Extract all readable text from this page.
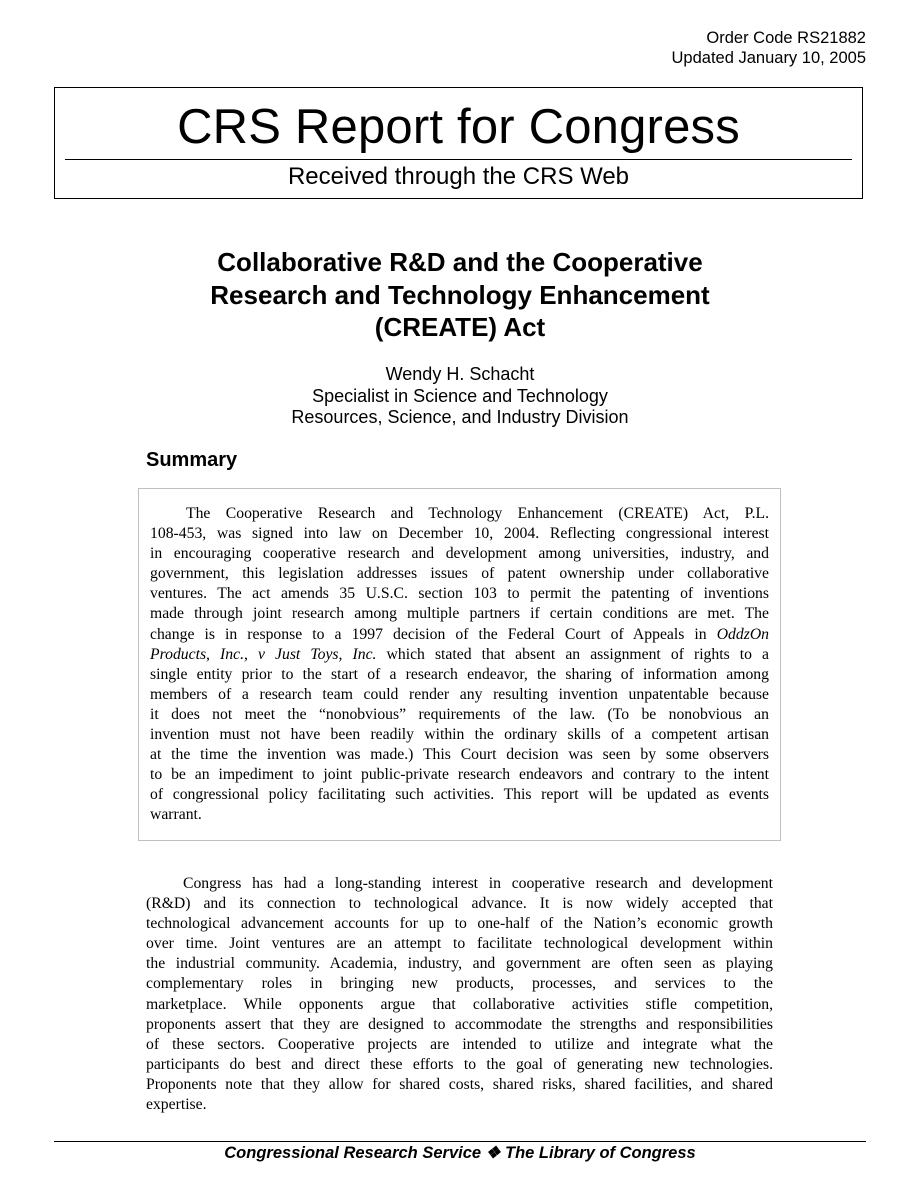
Order Code RS21882
Updated January 10, 2005
CRS Report for Congress
Received through the CRS Web
Collaborative R&D and the Cooperative
Research and Technology Enhancement
(CREATE) Act
Wendy H. Schacht
Specialist in Science and Technology
Resources, Science, and Industry Division
Summary
The Cooperative Research and Technology Enhancement (CREATE) Act, P.L.
108-453, was signed into law on December 10, 2004. Reflecting congressional interest
in encouraging cooperative research and development among universities, industry, and
government, this legislation addresses issues of patent ownership under collaborative
ventures. The act amends 35 U.S.C. section 103 to permit the patenting of inventions
made through joint research among multiple partners if certain conditions are met. The
change is in response to a 1997 decision of the Federal Court of Appeals in OddzOn
Products, Inc., v Just Toys, Inc. which stated that absent an assignment of rights to a
single entity prior to the start of a research endeavor, the sharing of information among
members of a research team could render any resulting invention unpatentable because
it does not meet the “nonobvious” requirements of the law. (To be nonobvious an
invention must not have been readily within the ordinary skills of a competent artisan
at the time the invention was made.) This Court decision was seen by some observers
to be an impediment to joint public-private research endeavors and contrary to the intent
of congressional policy facilitating such activities. This report will be updated as events
warrant.
Congress has had a long-standing interest in cooperative research and development
(R&D) and its connection to technological advance. It is now widely accepted that
technological advancement accounts for up to one-half of the Nation’s economic growth
over time. Joint ventures are an attempt to facilitate technological development within
the industrial community. Academia, industry, and government are often seen as playing
complementary roles in bringing new products, processes, and services to the
marketplace. While opponents argue that collaborative activities stifle competition,
proponents assert that they are designed to accommodate the strengths and responsibilities
of these sectors. Cooperative projects are intended to utilize and integrate what the
participants do best and direct these efforts to the goal of generating new technologies.
Proponents note that they allow for shared costs, shared risks, shared facilities, and shared
expertise.
Congressional Research Service ❖ The Library of Congress
